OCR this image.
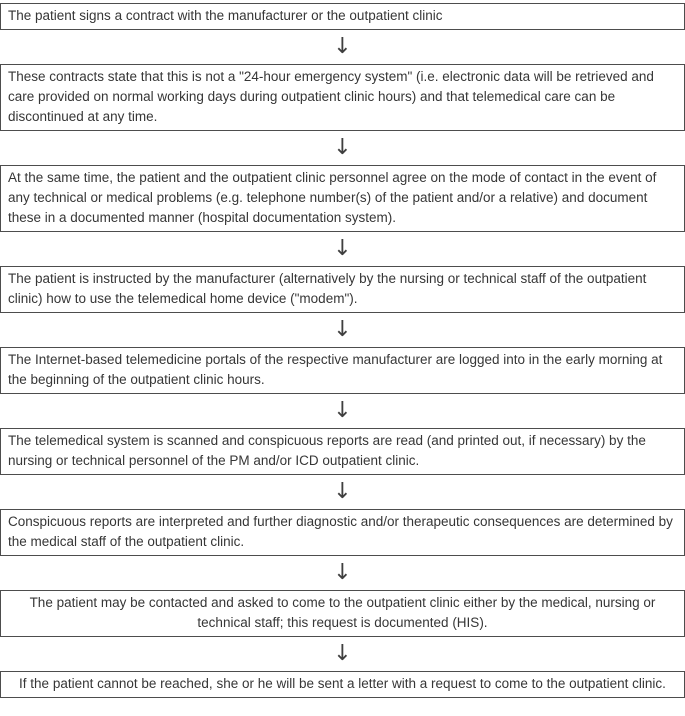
The patient signs a contract with the manufacturer or the outpatient clinic
↓
These contracts state that this is not a "24-hour emergency system" (i.e. electronic data will be retrieved and care provided on normal working days during outpatient clinic hours) and that telemedical care can be discontinued at any time.
↓
At the same time, the patient and the outpatient clinic personnel agree on the mode of contact in the event of any technical or medical problems (e.g. telephone number(s) of the patient and/or a relative) and document these in a documented manner (hospital documentation system).
↓
The patient is instructed by the manufacturer (alternatively by the nursing or technical staff of the outpatient clinic) how to use the telemedical home device ("modem").
↓
The Internet-based telemedicine portals of the respective manufacturer are logged into in the early morning at the beginning of the outpatient clinic hours.
↓
The telemedical system is scanned and conspicuous reports are read (and printed out, if necessary) by the nursing or technical personnel of the PM and/or ICD outpatient clinic.
↓
Conspicuous reports are interpreted and further diagnostic and/or therapeutic consequences are determined by the medical staff of the outpatient clinic.
↓
The patient may be contacted and asked to come to the outpatient clinic either by the medical, nursing or technical staff; this request is documented (HIS).
↓
If the patient cannot be reached, she or he will be sent a letter with a request to come to the outpatient clinic.
